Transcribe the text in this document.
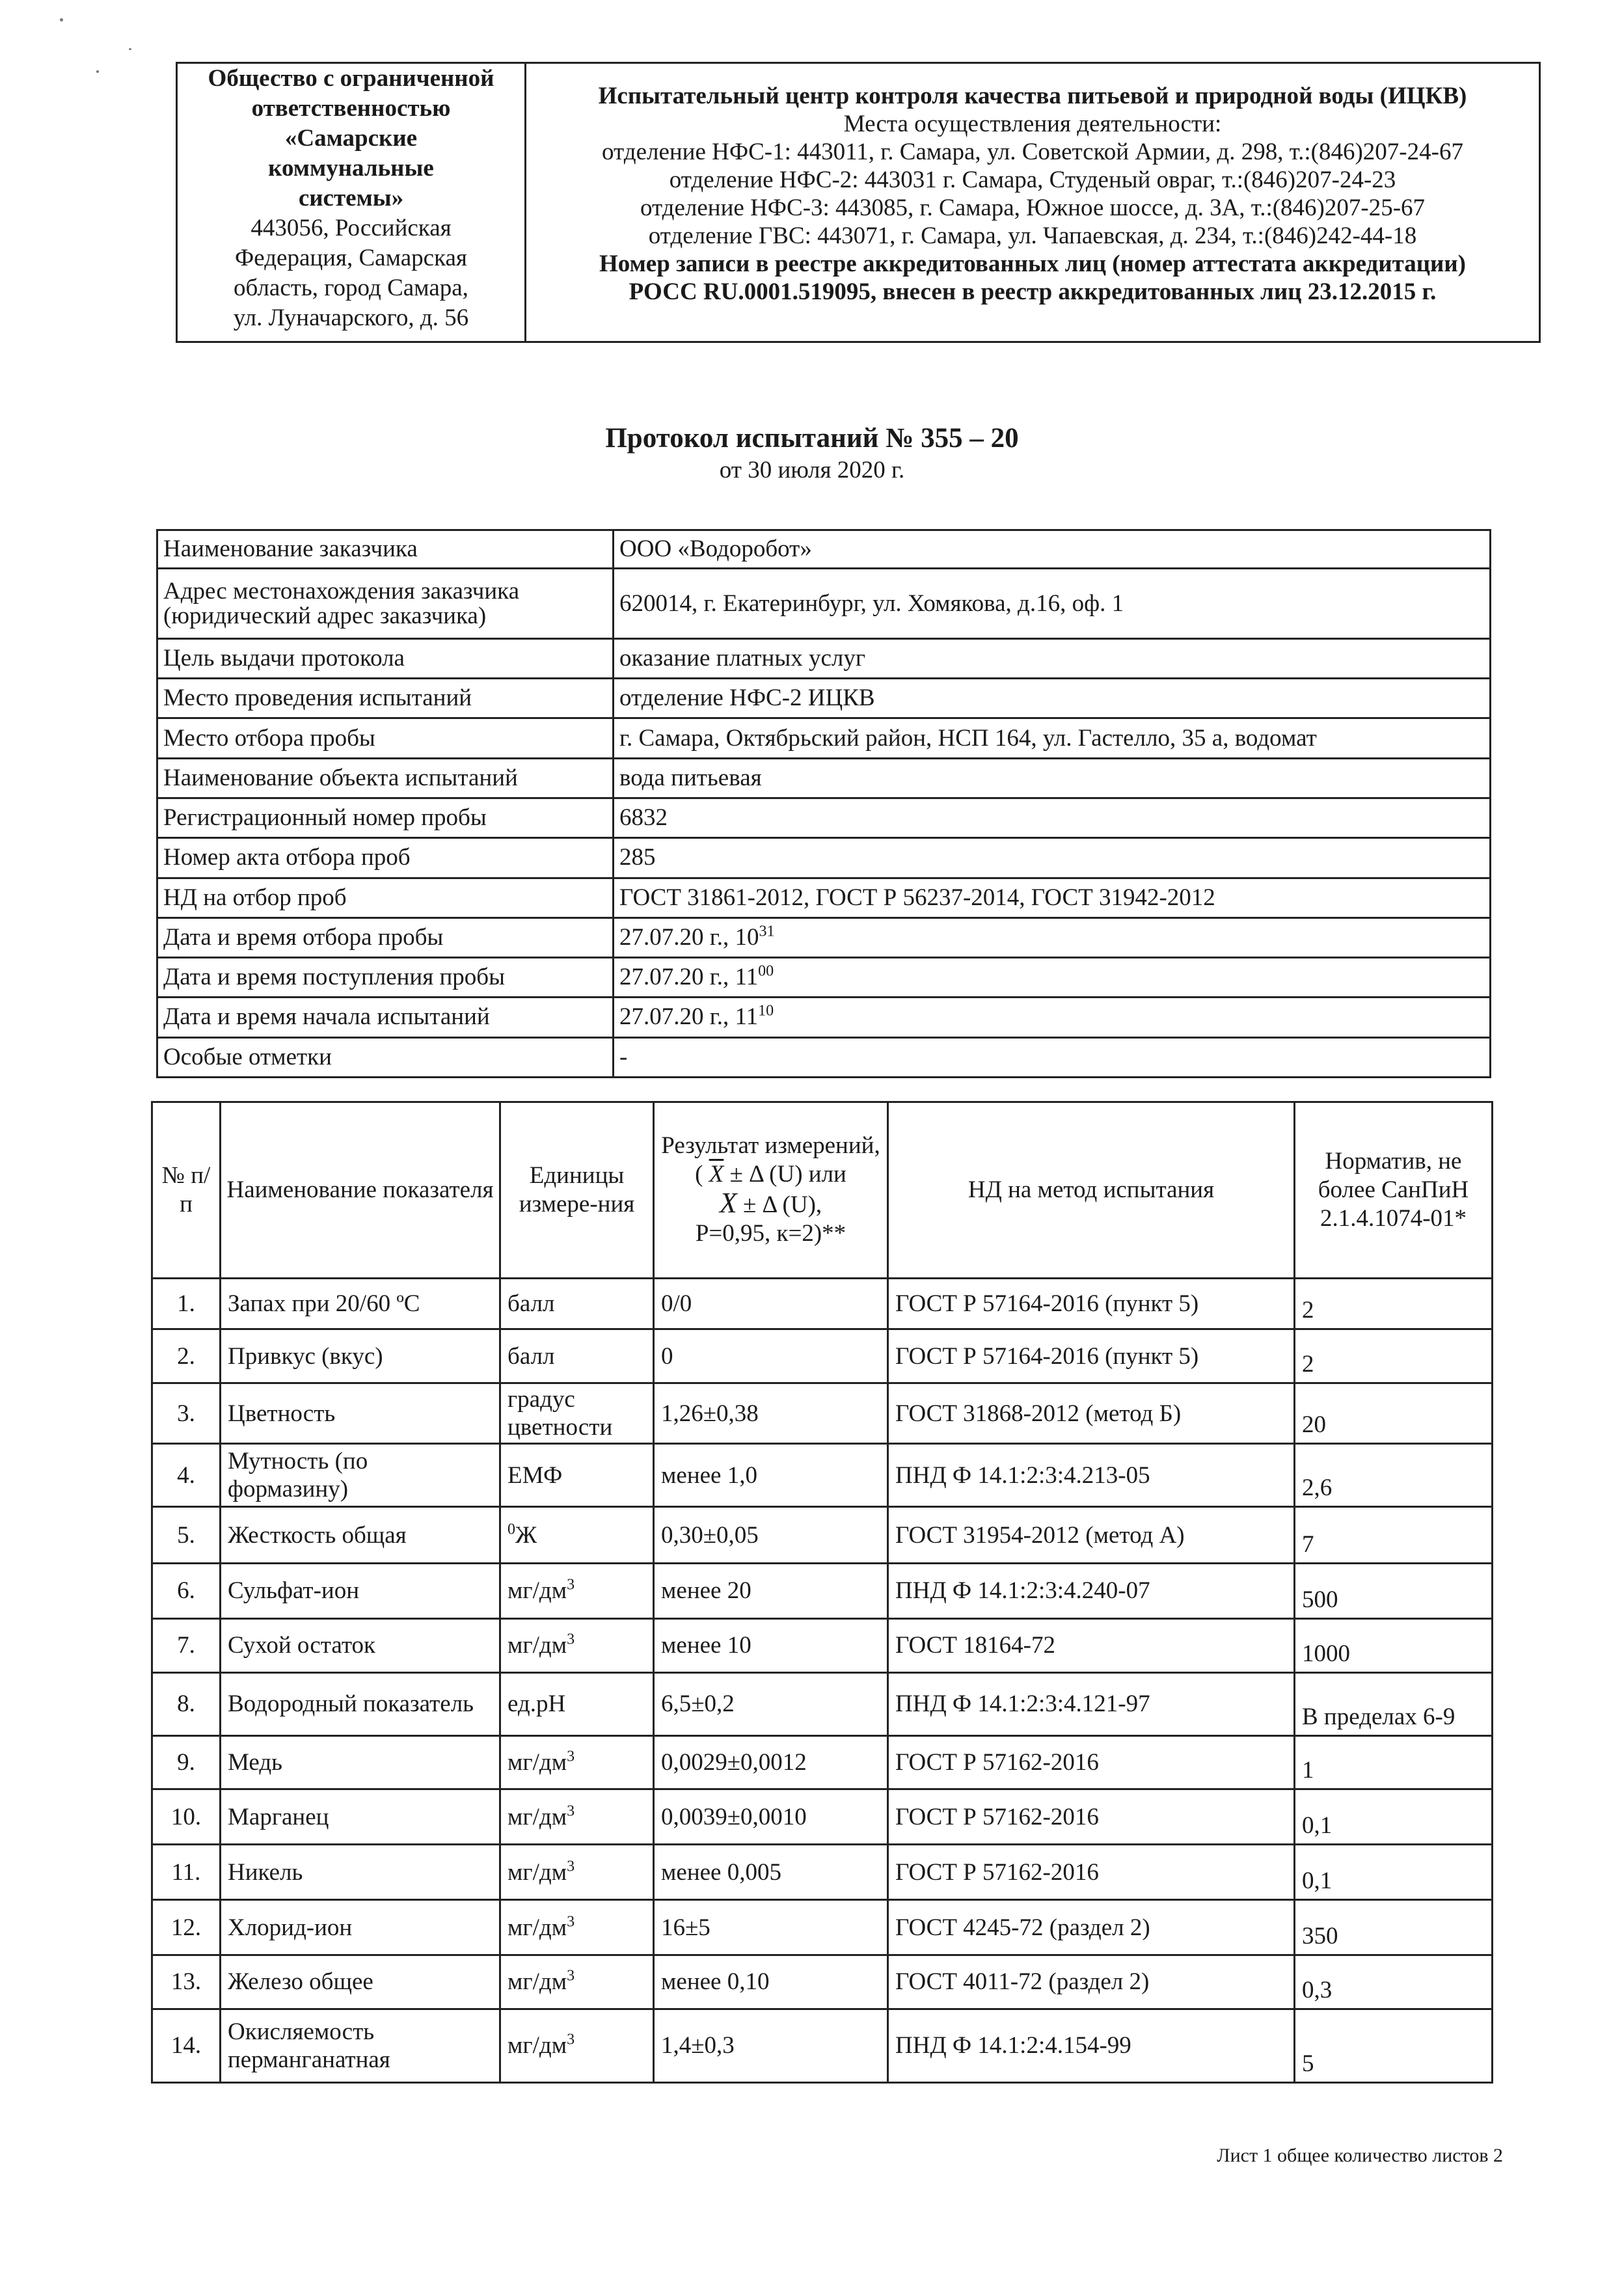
Общество с ограниченной
ответственностью
«Самарские
коммунальные
системы»
443056, Российская
Федерация, Самарская
область, город Самара,
ул. Луначарского, д. 56

Испытательный центр контроля качества питьевой и природной воды (ИЦКВ)
Места осуществления деятельности:
отделение НФС-1: 443011, г. Самара, ул. Советской Армии, д. 298, т.:(846)207-24-67
отделение НФС-2: 443031 г. Самара, Студеный овраг, т.:(846)207-24-23
отделение НФС-3: 443085, г. Самара, Южное шоссе, д. 3А, т.:(846)207-25-67
отделение ГВС: 443071, г. Самара, ул. Чапаевская, д. 234, т.:(846)242-44-18
Номер записи в реестре аккредитованных лиц (номер аттестата аккредитации)
РОСС RU.0001.519095, внесен в реестр аккредитованных лиц 23.12.2015 г.
Протокол испытаний № 355 – 20
от 30 июля 2020 г.
Наименование заказчика	ООО «Водоробот»
Адрес местонахождения заказчика (юридический адрес заказчика)	620014, г. Екатеринбург, ул. Хомякова, д.16, оф. 1
Цель выдачи протокола	оказание платных услуг
Место проведения испытаний	отделение НФС-2 ИЦКВ
Место отбора пробы	г. Самара, Октябрьский район, НСП 164, ул. Гастелло, 35 а, водомат
Наименование объекта испытаний	вода питьевая
Регистрационный номер пробы	6832
Номер акта отбора проб	285
НД на отбор проб	ГОСТ 31861-2012, ГОСТ Р 56237-2014, ГОСТ 31942-2012
Дата и время отбора пробы	27.07.20 г., $10^{31}$
Дата и время поступления пробы	27.07.20 г., $11^{00}$
Дата и время начала испытаний	27.07.20 г., $11^{10}$
Особые отметки	-
№ п/п	Наименование показателя	Единицы измере-ния	Результат измерений,
( $\overline{X} \pm \Delta$ (U) или
X ± Δ (U),
Р=0,95, к=2)**	НД на метод испытания	Норматив, не более СанПиН 2.1.4.1074-01*
1.	Запах при 20/60 ºС	балл	0/0	ГОСТ Р 57164-2016 (пункт 5)	2
2.	Привкус (вкус)	балл	0	ГОСТ Р 57164-2016 (пункт 5)	2
3.	Цветность	градус цветности	1,26±0,38	ГОСТ 31868-2012 (метод Б)	20
4.	Мутность (по формазину)	ЕМФ	менее 1,0	ПНД Ф 14.1:2:3:4.213-05	2,6
5.	Жесткость общая	$^0$Ж	0,30±0,05	ГОСТ 31954-2012 (метод А)	7
6.	Сульфат-ион	$мг/дм^3$	менее 20	ПНД Ф 14.1:2:3:4.240-07	500
7.	Сухой остаток	$мг/дм^3$	менее 10	ГОСТ 18164-72	1000
8.	Водородный показатель	ед.рН	6,5±0,2	ПНД Ф 14.1:2:3:4.121-97	В пределах 6-9
9.	Медь	$мг/дм^3$	0,0029±0,0012	ГОСТ Р 57162-2016	1
10.	Марганец	$мг/дм^3$	0,0039±0,0010	ГОСТ Р 57162-2016	0,1
11.	Никель	$мг/дм^3$	менее 0,005	ГОСТ Р 57162-2016	0,1
12.	Хлорид-ион	$мг/дм^3$	16±5	ГОСТ 4245-72 (раздел 2)	350
13.	Железо общее	$мг/дм^3$	менее 0,10	ГОСТ 4011-72 (раздел 2)	0,3
14.	Окисляемость перманганатная	$мг/дм^3$	1,4±0,3	ПНД Ф 14.1:2:4.154-99	5
Лист 1 общее количество листов 2
